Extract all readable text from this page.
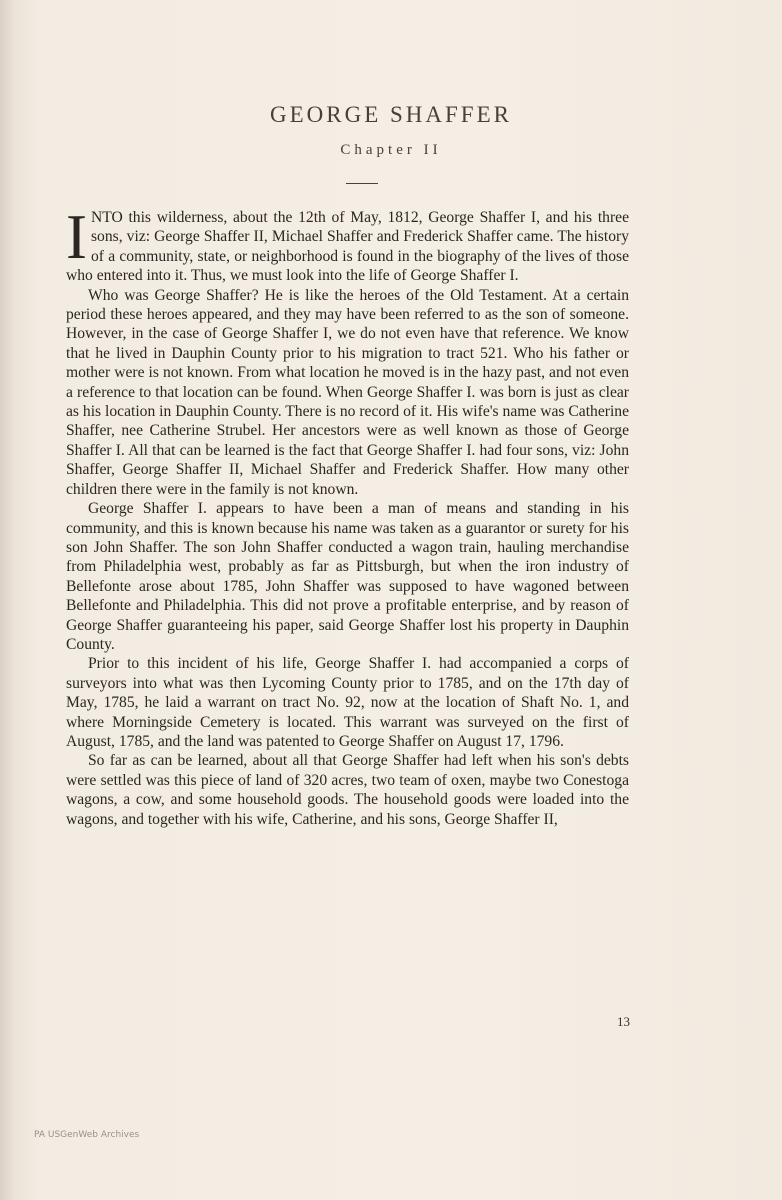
GEORGE SHAFFER
Chapter II

INTO this wilderness, about the 12th of May, 1812, George Shaffer I, and his three sons, viz: George Shaffer II, Michael Shaffer and Frederick Shaffer came. The history of a community, state, or neighborhood is found in the biography of the lives of those who entered into it. Thus, we must look into the life of George Shaffer I.

Who was George Shaffer? He is like the heroes of the Old Testament. At a certain period these heroes appeared, and they may have been referred to as the son of someone. However, in the case of George Shaffer I, we do not even have that reference. We know that he lived in Dauphin County prior to his migration to tract 521. Who his father or mother were is not known. From what location he moved is in the hazy past, and not even a reference to that location can be found. When George Shaffer I. was born is just as clear as his location in Dauphin County. There is no record of it. His wife's name was Catherine Shaffer, nee Catherine Strubel. Her ancestors were as well known as those of George Shaffer I. All that can be learned is the fact that George Shaffer I. had four sons, viz: John Shaffer, George Shaffer II, Michael Shaffer and Frederick Shaffer. How many other children there were in the family is not known.

George Shaffer I. appears to have been a man of means and standing in his community, and this is known because his name was taken as a guarantor or surety for his son John Shaffer. The son John Shaffer conducted a wagon train, hauling merchandise from Philadelphia west, probably as far as Pittsburgh, but when the iron industry of Bellefonte arose about 1785, John Shaffer was supposed to have wagoned between Bellefonte and Philadelphia. This did not prove a profitable enterprise, and by reason of George Shaffer guaranteeing his paper, said George Shaffer lost his property in Dauphin County.

Prior to this incident of his life, George Shaffer I. had accompanied a corps of surveyors into what was then Lycoming County prior to 1785, and on the 17th day of May, 1785, he laid a warrant on tract No. 92, now at the location of Shaft No. 1, and where Morningside Cemetery is located. This warrant was surveyed on the first of August, 1785, and the land was patented to George Shaffer on August 17, 1796.

So far as can be learned, about all that George Shaffer had left when his son's debts were settled was this piece of land of 320 acres, two team of oxen, maybe two Conestoga wagons, a cow, and some household goods. The household goods were loaded into the wagons, and together with his wife, Catherine, and his sons, George Shaffer II,

13
PA USGenWeb Archives
